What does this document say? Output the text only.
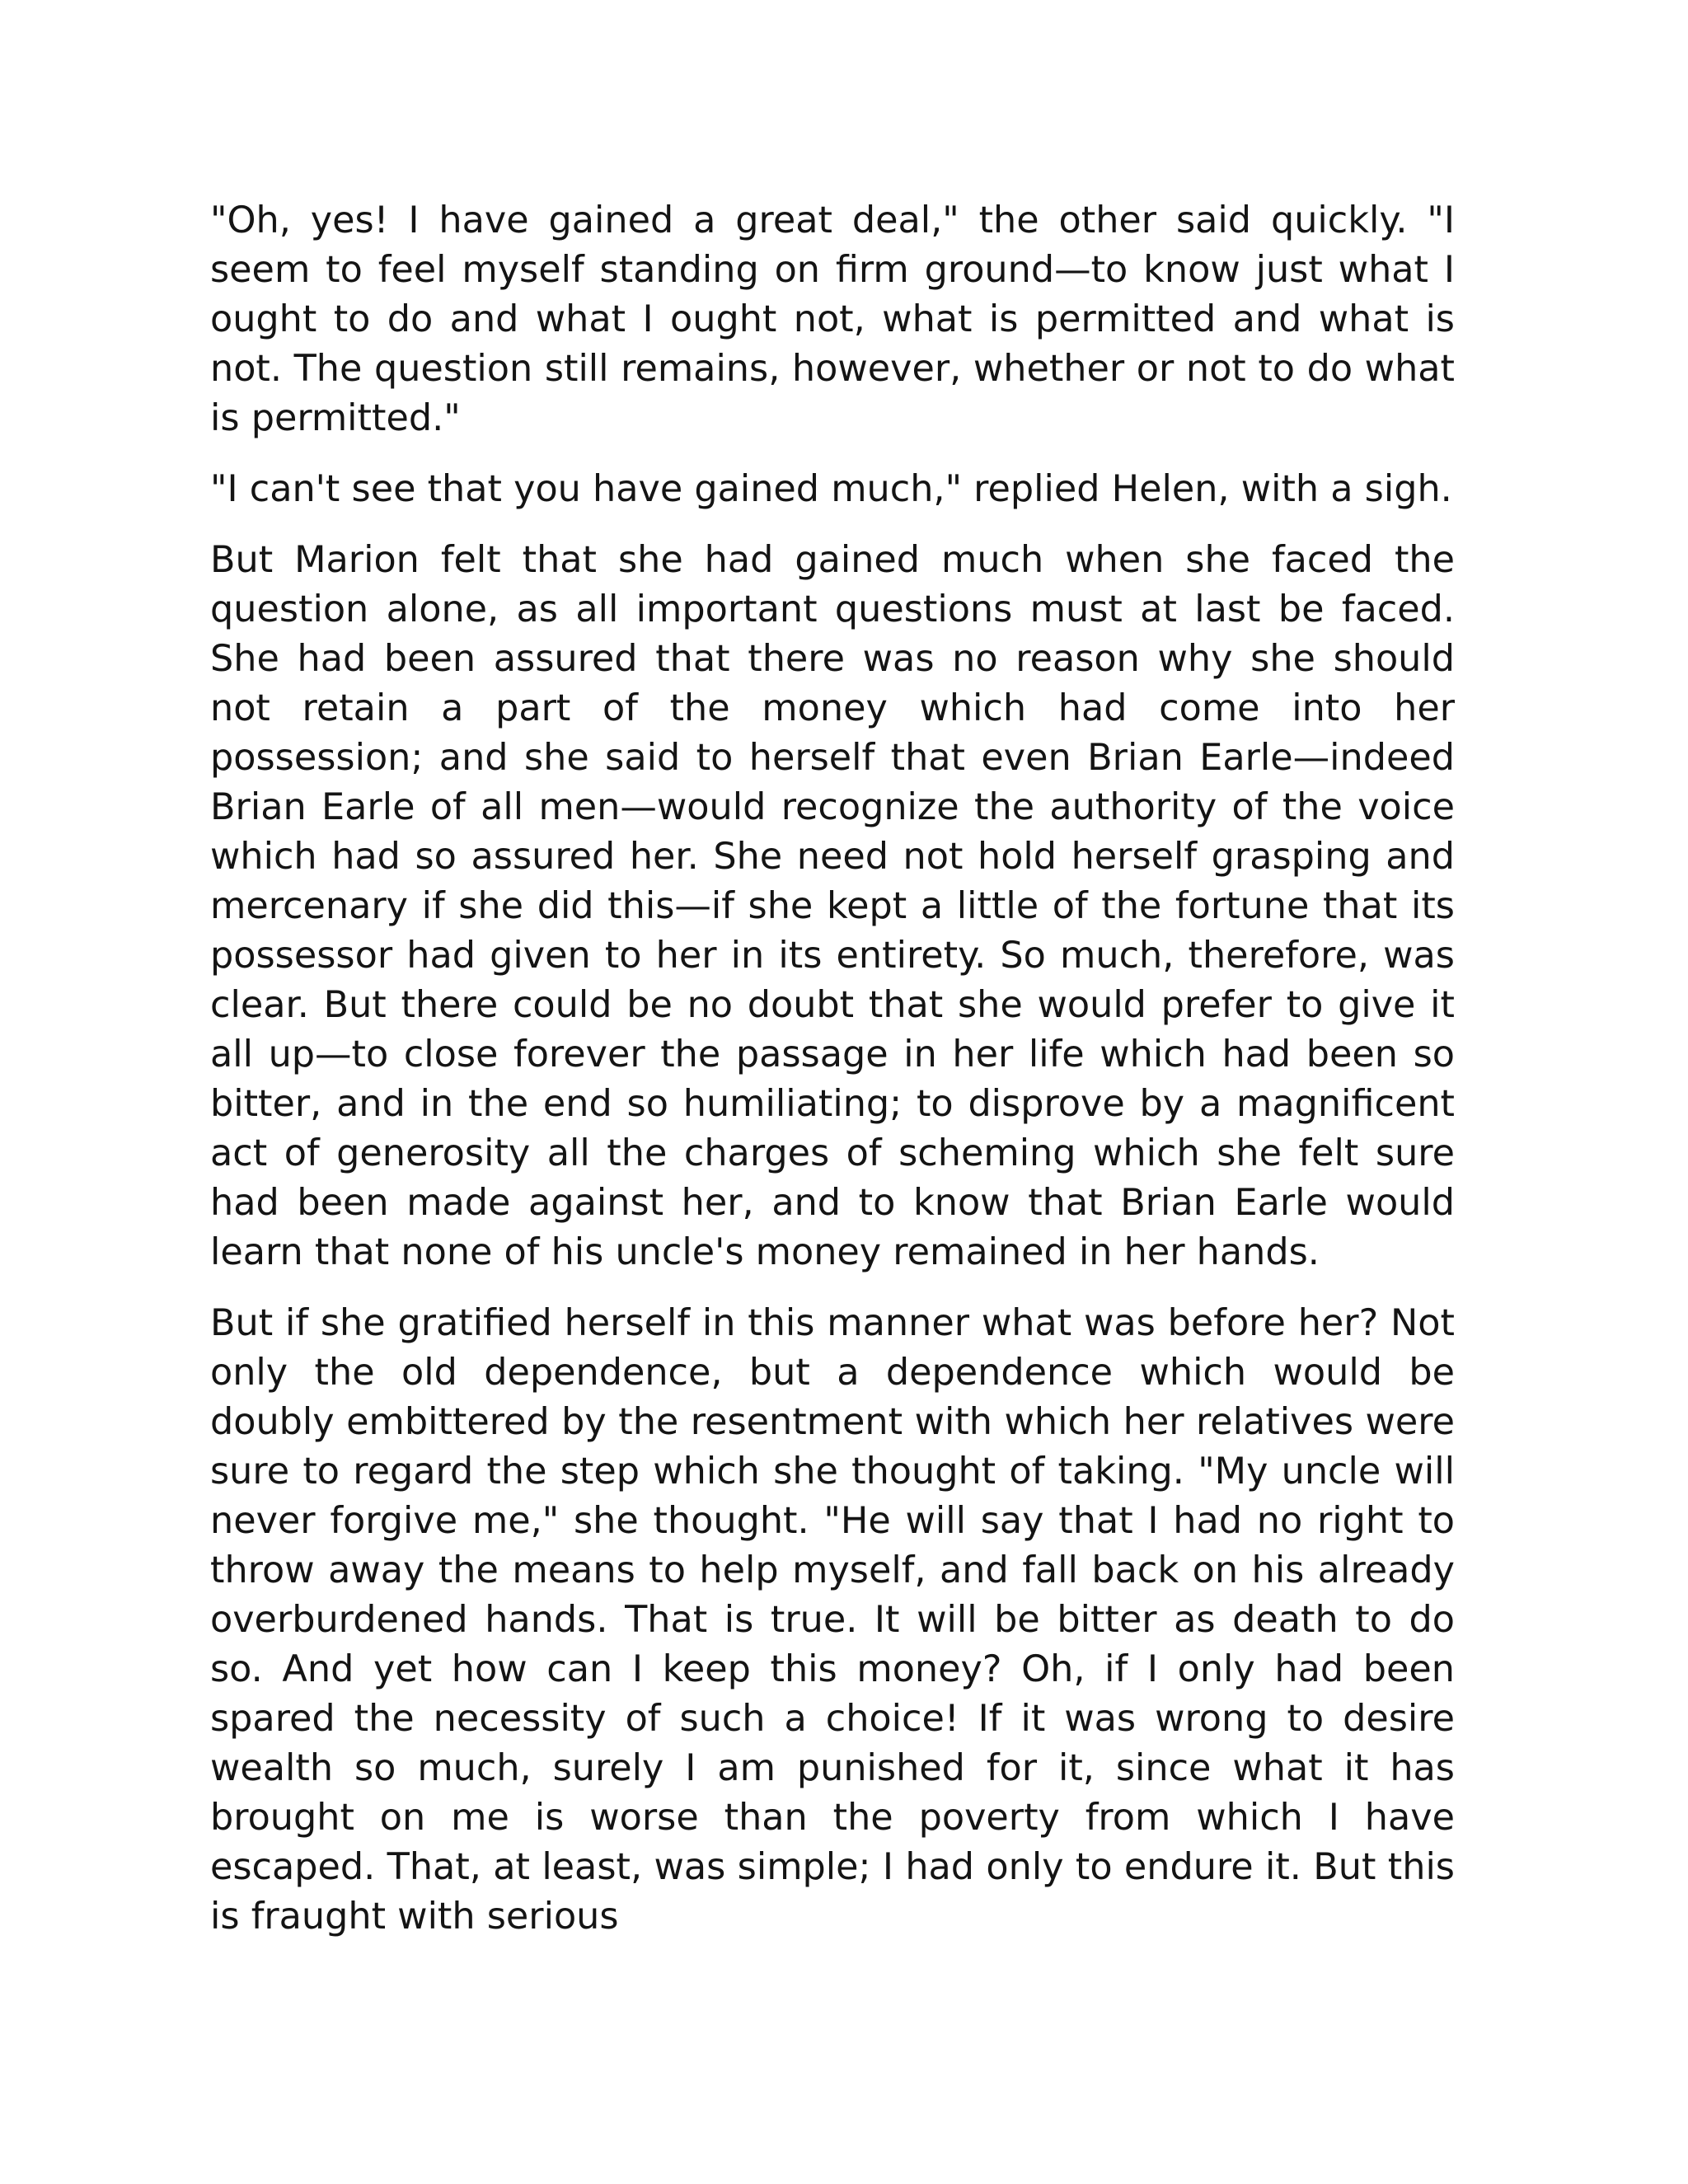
"Oh, yes! I have gained a great deal," the other said quickly. "I seem to feel myself standing on firm ground—to know just what I ought to do and what I ought not, what is permitted and what is not. The question still remains, however, whether or not to do what is permitted."

"I can't see that you have gained much," replied Helen, with a sigh.

But Marion felt that she had gained much when she faced the question alone, as all important questions must at last be faced. She had been assured that there was no reason why she should not retain a part of the money which had come into her possession; and she said to herself that even Brian Earle—indeed Brian Earle of all men—would recognize the authority of the voice which had so assured her. She need not hold herself grasping and mercenary if she did this—if she kept a little of the fortune that its possessor had given to her in its entirety. So much, therefore, was clear. But there could be no doubt that she would prefer to give it all up—to close forever the passage in her life which had been so bitter, and in the end so humiliating; to disprove by a magnificent act of generosity all the charges of scheming which she felt sure had been made against her, and to know that Brian Earle would learn that none of his uncle's money remained in her hands.

But if she gratified herself in this manner what was before her? Not only the old dependence, but a dependence which would be doubly embittered by the resentment with which her relatives were sure to regard the step which she thought of taking. "My uncle will never forgive me," she thought. "He will say that I had no right to throw away the means to help myself, and fall back on his already overburdened hands. That is true. It will be bitter as death to do so. And yet how can I keep this money? Oh, if I only had been spared the necessity of such a choice! If it was wrong to desire wealth so much, surely I am punished for it, since what it has brought on me is worse than the poverty from which I have escaped. That, at least, was simple; I had only to endure it. But this is fraught with serious
